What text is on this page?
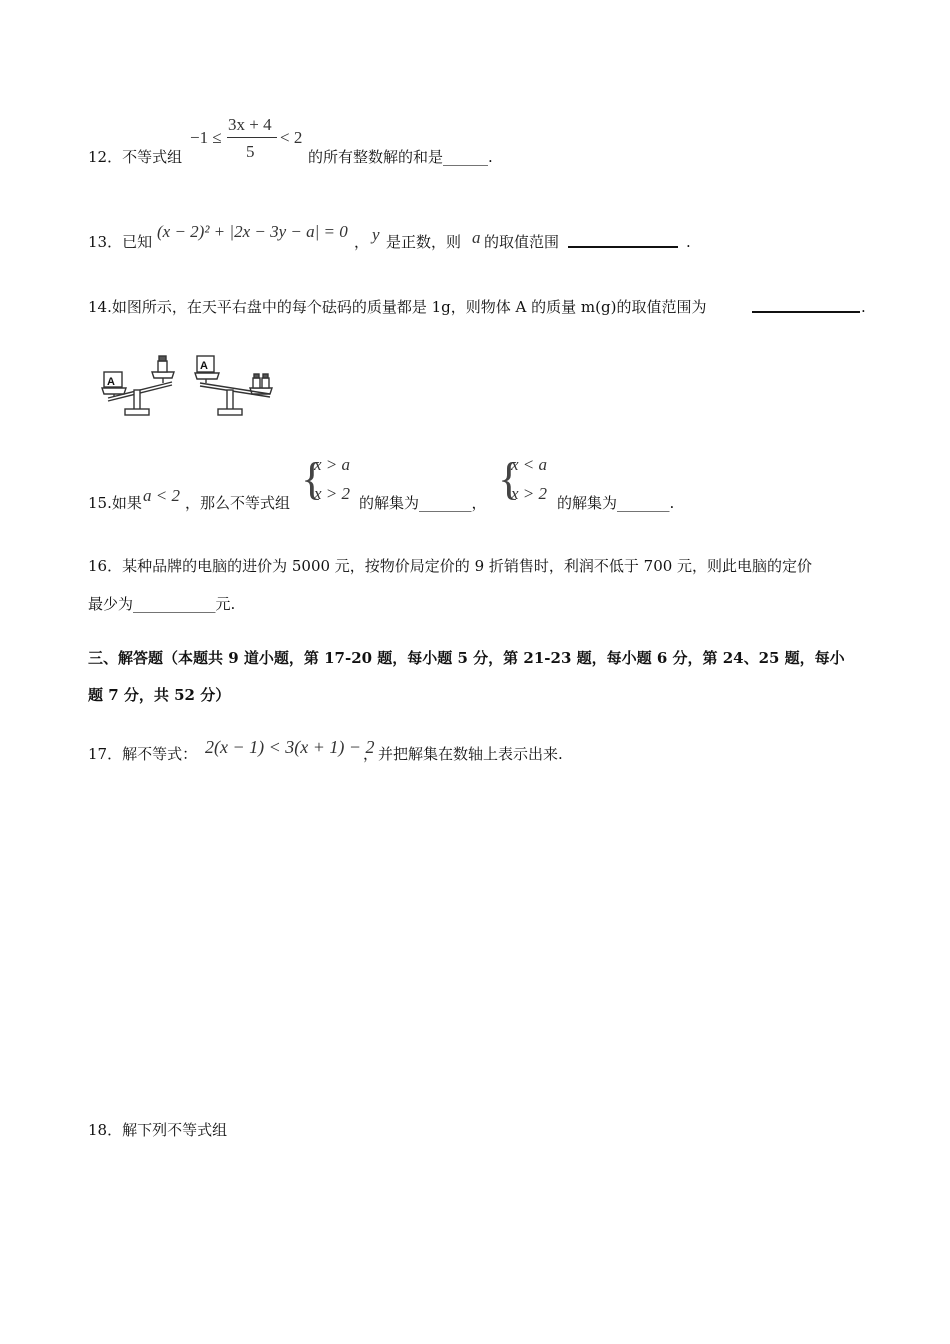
12．不等式组
−1 ≤
3x + 4
5
< 2
的所有整数解的和是______.
13．已知
(x − 2)² + |2x − 3y − a| = 0
， y 是正数，则 a 的取值范围	.
14.如图所示，在天平右盘中的每个砝码的质量都是 1g，则物体 A 的质量 m(g)的取值范围为	.
A
A
15.如果 a < 2 ，那么不等式组 {
x > a
x > 2 的解集为_______， {
x < a
x > 2 的解集为_______.
16．某种品牌的电脑的进价为 5000 元，按物价局定价的 9 折销售时，利润不低于 700 元，则此电脑的定价
最少为___________元.
三、解答题（本题共 9 道小题，第 17-20 题，每小题 5 分，第 21-23 题，每小题 6 分，第 24、25 题，每小
题 7 分，共 52 分）
17．解不等式： 2(x − 1) < 3(x + 1) − 2
，并把解集在数轴上表示出来.
18．解下列不等式组
